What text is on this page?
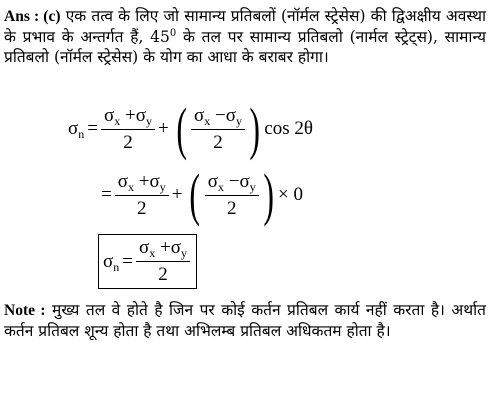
Ans : (c) एक तत्व के लिए जो सामान्य प्रतिबलों (नॉर्मल स्ट्रेसेस) की द्विअक्षीय अवस्था के प्रभाव के अन्तर्गत हैं, $45^0$ के तल पर सामान्य प्रतिबलो (नार्मल स्ट्रेट्स), सामान्य प्रतिबलो (नॉर्मल स्ट्रेसेस) के योग का आधा के बराबर होगा।
$\sigma_n = \frac{\sigma_x +\sigma_y}{2}$ + ( $\frac{\sigma_x -\sigma_y}{2}$ ) cos 2θ
= $\frac{\sigma_x +\sigma_y}{2}$ + ( $\frac{\sigma_x -\sigma_y}{2}$ ) × 0
$\sigma_n = \frac{\sigma_x +\sigma_y}{2}$
Note : मुख्य तल वे होते है जिन पर कोई कर्तन प्रतिबल कार्य नहीं करता है। अर्थात कर्तन प्रतिबल शून्य होता है तथा अभिलम्ब प्रतिबल अधिकतम होता है।
